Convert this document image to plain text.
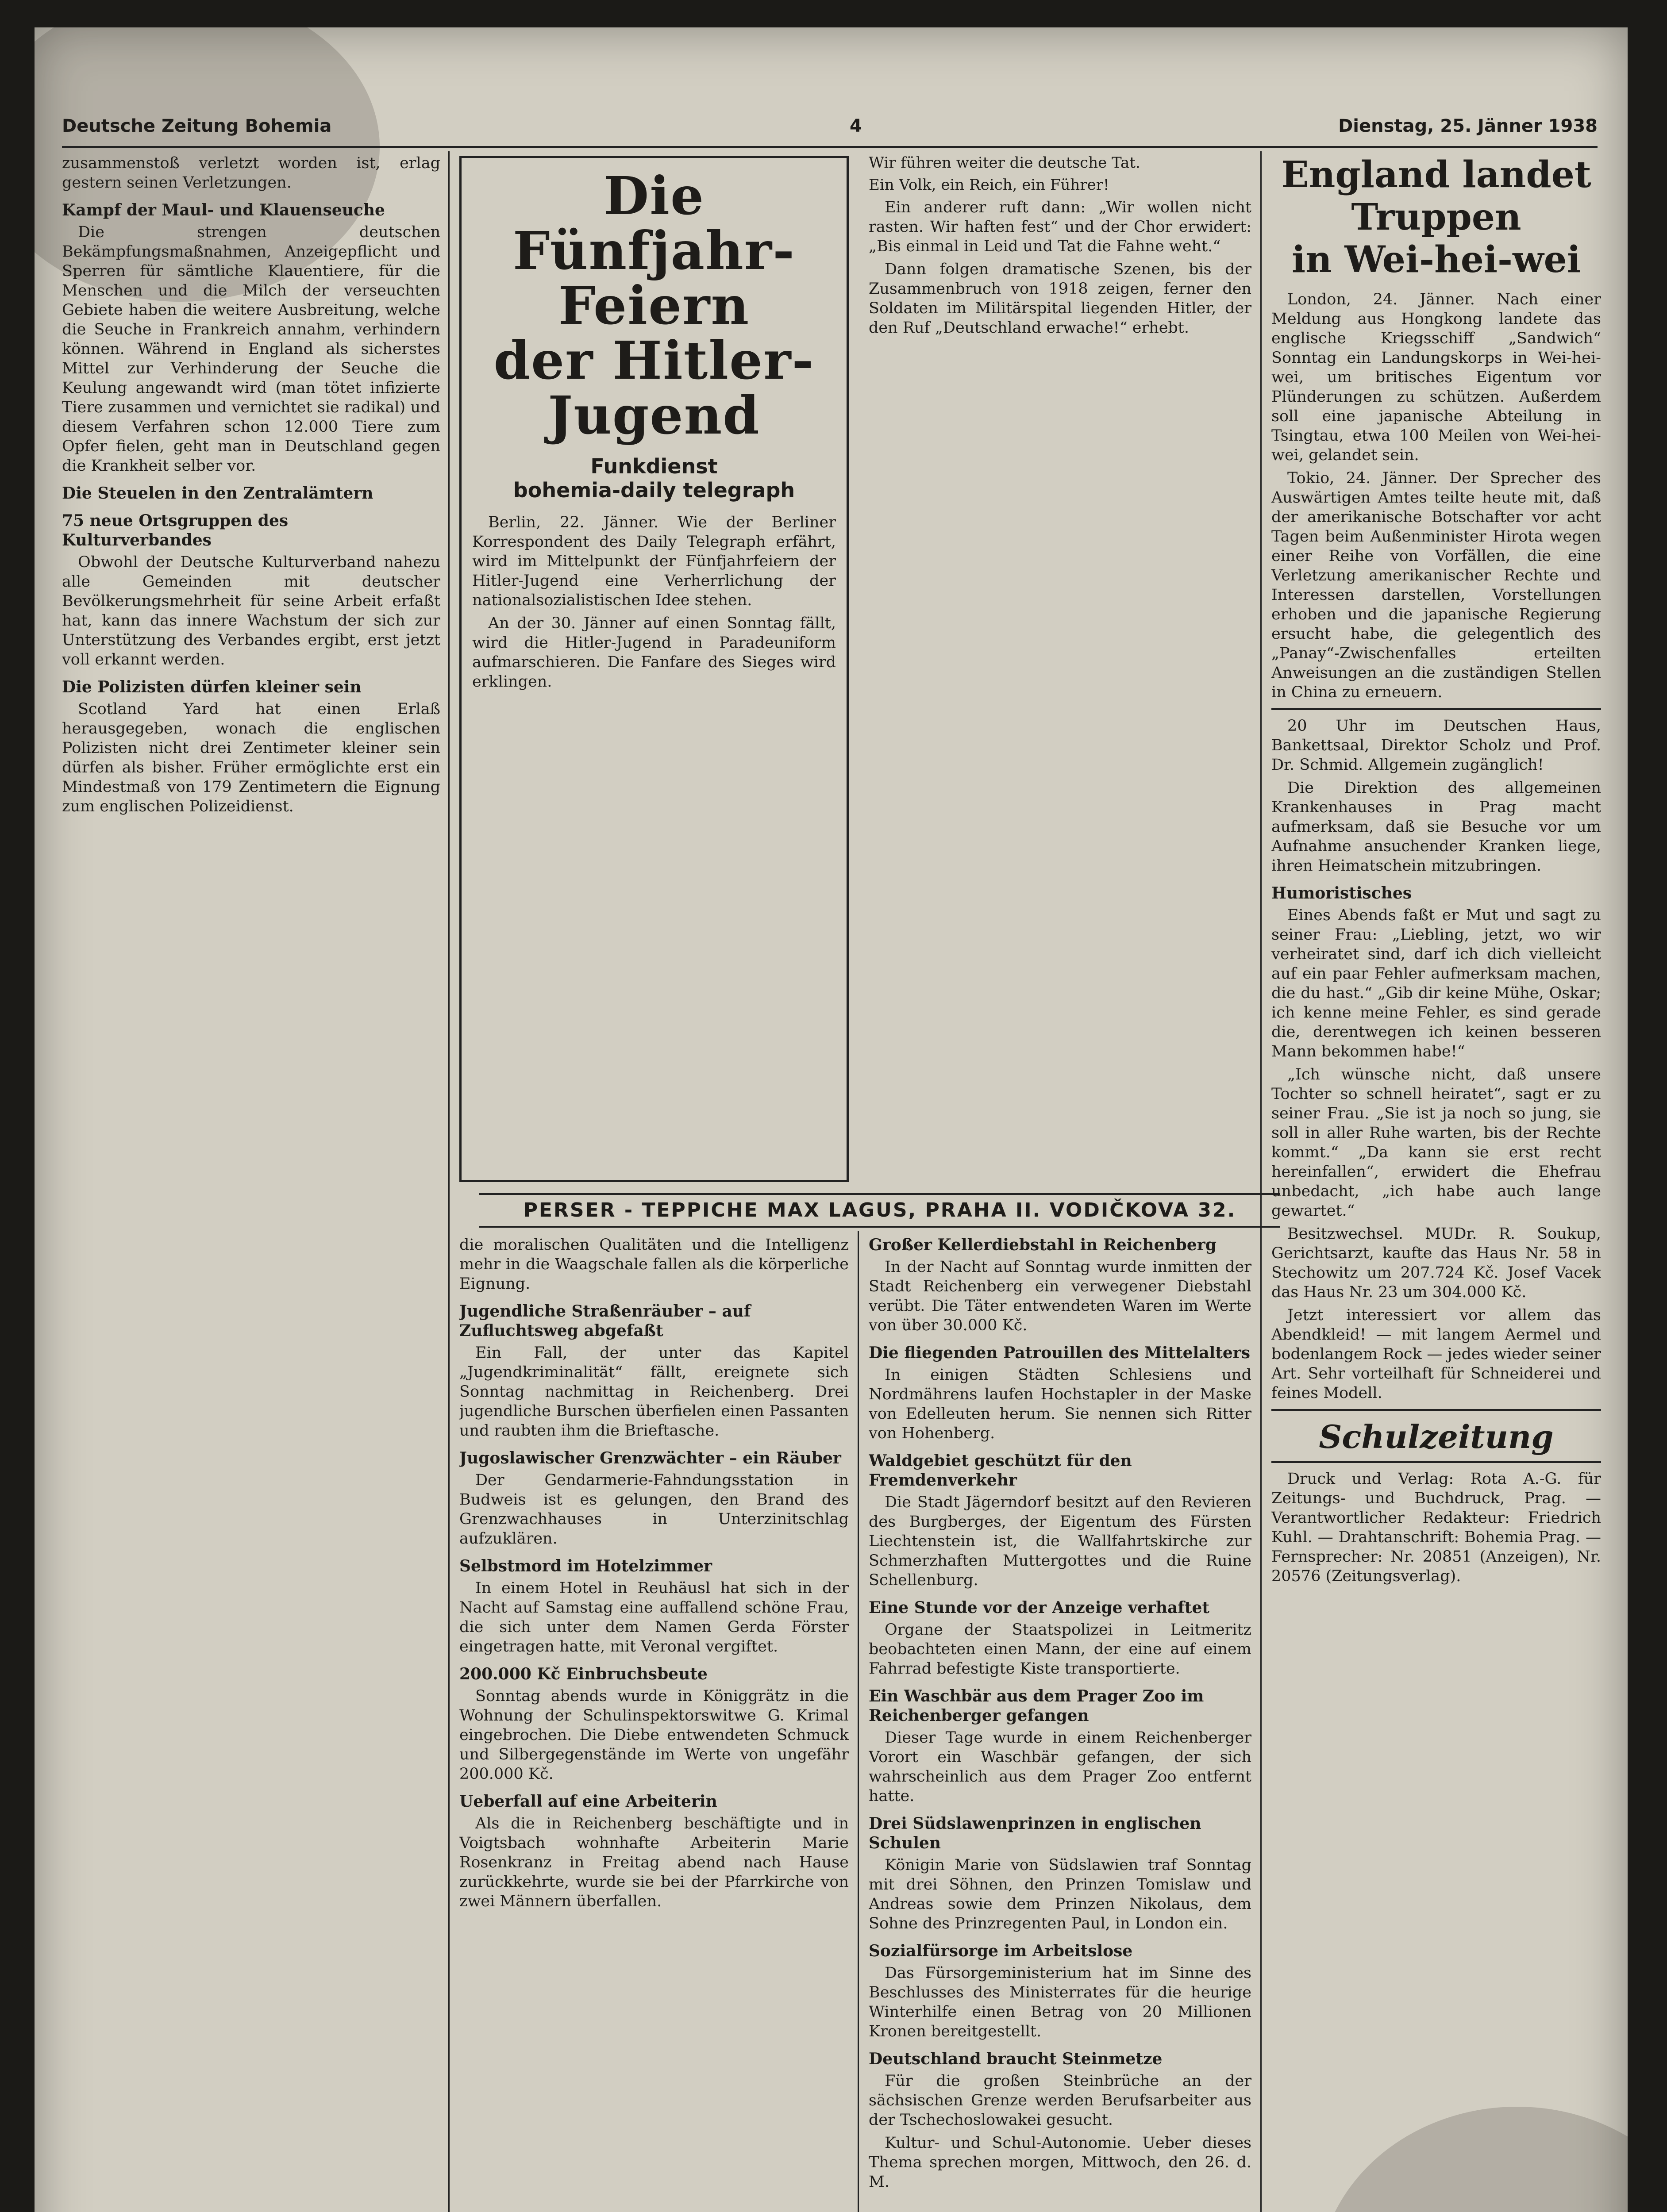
Deutsche Zeitung Bohemia	4	Dienstag, 25. Jänner 1938

zusammenstoß verletzt worden ist, erlag gestern seinen Verletzungen.

Kampf der Maul- und Klauenseuche

Die strengen deutschen Bekämpfungsmaßnahmen, Anzeigepflicht und Sperren für sämtliche Klauentiere, für die Menschen und die Milch der verseuchten Gebiete haben die weitere Ausbreitung, welche die Seuche in Frankreich annahm, verhindern können. Während in England als sicherstes Mittel zur Verhinderung der Seuche die Keulung angewandt wird (man tötet infizierte Tiere zusammen und vernichtet sie radikal) und diesem Verfahren schon 12.000 Tiere zum Opfer fielen, geht man in Deutschland gegen die Krankheit selber vor.

Die Steuelen in den Zentralämtern
75 neue Ortsgruppen des Kulturverbandes

Obwohl der Deutsche Kulturverband nahezu alle Gemeinden mit deutscher Bevölkerungsmehrheit für seine Arbeit erfaßt hat, kann das innere Wachstum der sich zur Unterstützung des Verbandes ergibt, erst jetzt voll erkannt werden.

Die Polizisten dürfen kleiner sein

Scotland Yard hat einen Erlaß herausgegeben, wonach die englischen Polizisten nicht drei Zentimeter kleiner sein dürfen als bisher. Früher ermöglichte erst ein Mindestmaß von 179 Zentimetern die Eignung zum englischen Polizeidienst.

Die Fünfjahr-Feiern
der Hitler-Jugend
Funkdienst
bohemia-daily telegraph

Berlin, 22. Jänner. Wie der Berliner Korrespondent des Daily Telegraph erfährt, wird im Mittelpunkt der Fünfjahrfeiern der Hitler-Jugend eine Verherrlichung der nationalsozialistischen Idee stehen.

An der 30. Jänner auf einen Sonntag fällt, wird die Hitler-Jugend in Paradeuniform aufmarschieren. Die Fanfare des Sieges wird erklingen.

Wir führen weiter die deutsche Tat.

Ein Volk, ein Reich, ein Führer!

Ein anderer ruft dann: „Wir wollen nicht rasten. Wir haften fest“ und der Chor erwidert: „Bis einmal in Leid und Tat die Fahne weht.“

Dann folgen dramatische Szenen, bis der Zusammenbruch von 1918 zeigen, ferner den Soldaten im Militärspital liegenden Hitler, der den Ruf „Deutschland erwache!“ erhebt.

PERSER - TEPPICHE MAX LAGUS, PRAHA II. VODIČKOVA 32.

die moralischen Qualitäten und die Intelligenz mehr in die Waagschale fallen als die körperliche Eignung.

Jugendliche Straßenräuber – auf Zufluchtsweg abgefaßt

Ein Fall, der unter das Kapitel „Jugendkriminalität“ fällt, ereignete sich Sonntag nachmittag in Reichenberg. Drei jugendliche Burschen überfielen einen Passanten und raubten ihm die Brieftasche.

Jugoslawischer Grenzwächter – ein Räuber

Der Gendarmerie-Fahndungsstation in Budweis ist es gelungen, den Brand des Grenzwachhauses in Unterzinitschlag aufzuklären.

Selbstmord im Hotelzimmer

In einem Hotel in Reuhäusl hat sich in der Nacht auf Samstag eine auffallend schöne Frau, die sich unter dem Namen Gerda Förster eingetragen hatte, mit Veronal vergiftet.

200.000 Kč Einbruchsbeute

Sonntag abends wurde in Königgrätz in die Wohnung der Schulinspektorswitwe G. Krimal eingebrochen. Die Diebe entwendeten Schmuck und Silbergegenstände im Werte von ungefähr 200.000 Kč.

Ueberfall auf eine Arbeiterin

Als die in Reichenberg beschäftigte und in Voigtsbach wohnhafte Arbeiterin Marie Rosenkranz in Freitag abend nach Hause zurückkehrte, wurde sie bei der Pfarrkirche von zwei Männern überfallen.

Großer Kellerdiebstahl in Reichenberg

In der Nacht auf Sonntag wurde inmitten der Stadt Reichenberg ein verwegener Diebstahl verübt. Die Täter entwendeten Waren im Werte von über 30.000 Kč.

Die fliegenden Patrouillen des Mittelalters

In einigen Städten Schlesiens und Nordmährens laufen Hochstapler in der Maske von Edelleuten herum. Sie nennen sich Ritter von Hohenberg.

Waldgebiet geschützt für den Fremdenverkehr

Die Stadt Jägerndorf besitzt auf den Revieren des Burgberges, der Eigentum des Fürsten Liechtenstein ist, die Wallfahrtskirche zur Schmerzhaften Muttergottes und die Ruine Schellenburg.

Eine Stunde vor der Anzeige verhaftet

Organe der Staatspolizei in Leitmeritz beobachteten einen Mann, der eine auf einem Fahrrad befestigte Kiste transportierte.

Ein Waschbär aus dem Prager Zoo im Reichenberger gefangen

Dieser Tage wurde in einem Reichenberger Vorort ein Waschbär gefangen, der sich wahrscheinlich aus dem Prager Zoo entfernt hatte.

Drei Südslawenprinzen in englischen Schulen

Königin Marie von Südslawien traf Sonntag mit drei Söhnen, den Prinzen Tomislaw und Andreas sowie dem Prinzen Nikolaus, dem Sohne des Prinzregenten Paul, in London ein.

Sozialfürsorge im Arbeitslose

Das Fürsorgeministerium hat im Sinne des Beschlusses des Ministerrates für die heurige Winterhilfe einen Betrag von 20 Millionen Kronen bereitgestellt.

Deutschland braucht Steinmetze

Für die großen Steinbrüche an der sächsischen Grenze werden Berufsarbeiter aus der Tschechoslowakei gesucht.

Kultur- und Schul-Autonomie. Ueber dieses Thema sprechen morgen, Mittwoch, den 26. d. M.

England landet Truppen
in Wei-hei-wei

London, 24. Jänner. Nach einer Meldung aus Hongkong landete das englische Kriegsschiff „Sandwich“ Sonntag ein Landungskorps in Wei-hei-wei, um britisches Eigentum vor Plünderungen zu schützen. Außerdem soll eine japanische Abteilung in Tsingtau, etwa 100 Meilen von Wei-hei-wei, gelandet sein.

Tokio, 24. Jänner. Der Sprecher des Auswärtigen Amtes teilte heute mit, daß der amerikanische Botschafter vor acht Tagen beim Außenminister Hirota wegen einer Reihe von Vorfällen, die eine Verletzung amerikanischer Rechte und Interessen darstellen, Vorstellungen erhoben und die japanische Regierung ersucht habe, die gelegentlich des „Panay“-Zwischenfalles erteilten Anweisungen an die zuständigen Stellen in China zu erneuern.

20 Uhr im Deutschen Haus, Bankettsaal, Direktor Scholz und Prof. Dr. Schmid. Allgemein zugänglich!

Die Direktion des allgemeinen Krankenhauses in Prag macht aufmerksam, daß sie Besuche vor um Aufnahme ansuchender Kranken liege, ihren Heimatschein mitzubringen.

Humoristisches

Eines Abends faßt er Mut und sagt zu seiner Frau: „Liebling, jetzt, wo wir verheiratet sind, darf ich dich vielleicht auf ein paar Fehler aufmerksam machen, die du hast.“ „Gib dir keine Mühe, Oskar; ich kenne meine Fehler, es sind gerade die, derentwegen ich keinen besseren Mann bekommen habe!“

„Ich wünsche nicht, daß unsere Tochter so schnell heiratet“, sagt er zu seiner Frau. „Sie ist ja noch so jung, sie soll in aller Ruhe warten, bis der Rechte kommt.“ „Da kann sie erst recht hereinfallen“, erwidert die Ehefrau unbedacht, „ich habe auch lange gewartet.“

Besitzwechsel. MUDr. R. Soukup, Gerichtsarzt, kaufte das Haus Nr. 58 in Stechowitz um 207.724 Kč. Josef Vacek das Haus Nr. 23 um 304.000 Kč.

Jetzt interessiert vor allem das Abendkleid! — mit langem Aermel und bodenlangem Rock — jedes wieder seiner Art. Sehr vorteilhaft für Schneiderei und feines Modell.

Schulzeitung

Druck und Verlag: Rota A.-G. für Zeitungs- und Buchdruck, Prag. — Verantwortlicher Redakteur: Friedrich Kuhl. — Drahtanschrift: Bohemia Prag. — Fernsprecher: Nr. 20851 (Anzeigen), Nr. 20576 (Zeitungsverlag).
